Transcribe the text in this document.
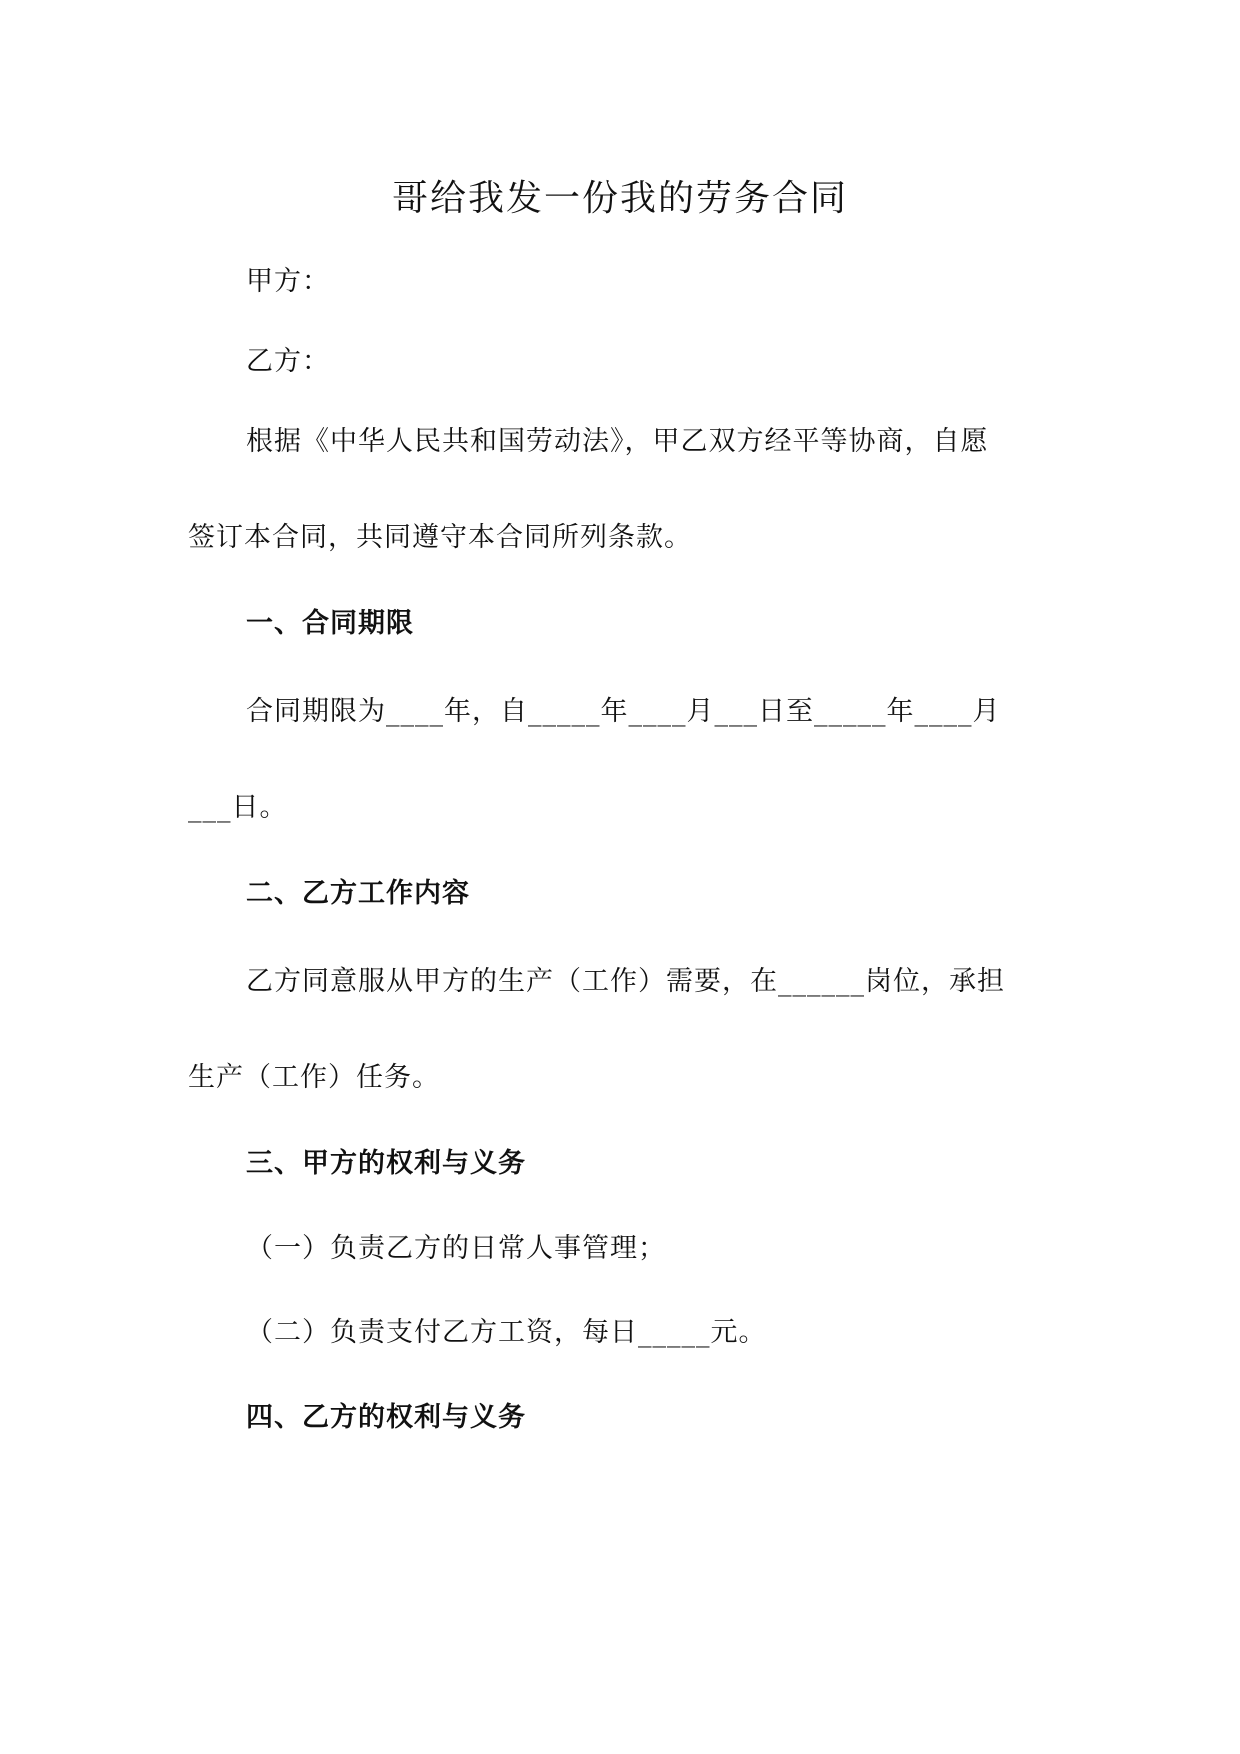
哥给我发一份我的劳务合同
甲方：
乙方：
根据《中华人民共和国劳动法》，甲乙双方经平等协商，自愿
签订本合同，共同遵守本合同所列条款。
一、合同期限
合同期限为____年，自_____年____月___日至_____年____月
___日。
二、乙方工作内容
乙方同意服从甲方的生产（工作）需要，在______岗位，承担
生产（工作）任务。
三、甲方的权利与义务
（一）负责乙方的日常人事管理；
（二）负责支付乙方工资，每日_____元。
四、乙方的权利与义务
